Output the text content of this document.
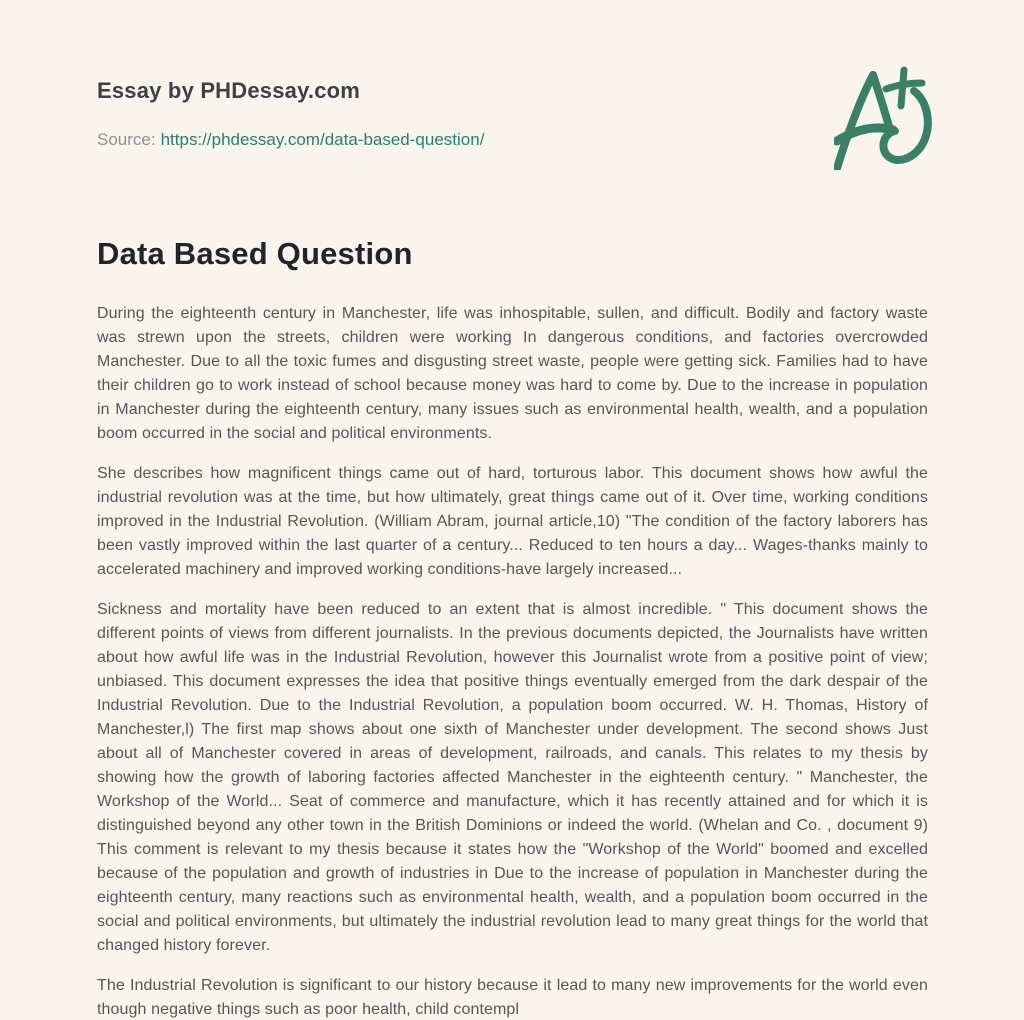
Essay by PHDessay.com
Source: https://phdessay.com/data-based-question/
Data Based Question

During the eighteenth century in Manchester, life was inhospitable, sullen, and difficult. Bodily and factory waste was strewn upon the streets, children were working In dangerous conditions, and factories overcrowded Manchester. Due to all the toxic fumes and disgusting street waste, people were getting sick. Families had to have their children go to work instead of school because money was hard to come by. Due to the increase in population in Manchester during the eighteenth century, many issues such as environmental health, wealth, and a population boom occurred in the social and political environments.

She describes how magnificent things came out of hard, torturous labor. This document shows how awful the industrial revolution was at the time, but how ultimately, great things came out of it. Over time, working conditions improved in the Industrial Revolution. (William Abram, journal article,10) "The condition of the factory laborers has been vastly improved within the last quarter of a century... Reduced to ten hours a day... Wages-thanks mainly to accelerated machinery and improved working conditions-have largely increased...

Sickness and mortality have been reduced to an extent that is almost incredible. " This document shows the different points of views from different journalists. In the previous documents depicted, the Journalists have written about how awful life was in the Industrial Revolution, however this Journalist wrote from a positive point of view; unbiased. This document expresses the idea that positive things eventually emerged from the dark despair of the Industrial Revolution. Due to the Industrial Revolution, a population boom occurred. W. H. Thomas, History of Manchester,l) The first map shows about one sixth of Manchester under development. The second shows Just about all of Manchester covered in areas of development, railroads, and canals. This relates to my thesis by showing how the growth of laboring factories affected Manchester in the eighteenth century. " Manchester, the Workshop of the World... Seat of commerce and manufacture, which it has recently attained and for which it is distinguished beyond any other town in the British Dominions or indeed the world. (Whelan and Co. , document 9) This comment is relevant to my thesis because it states how the "Workshop of the World" boomed and excelled because of the population and growth of industries in Due to the increase of population in Manchester during the eighteenth century, many reactions such as environmental health, wealth, and a population boom occurred in the social and political environments, but ultimately the industrial revolution lead to many great things for the world that changed history forever.

The Industrial Revolution is significant to our history because it lead to many new improvements for the world even though negative things such as poor health, child contempl
